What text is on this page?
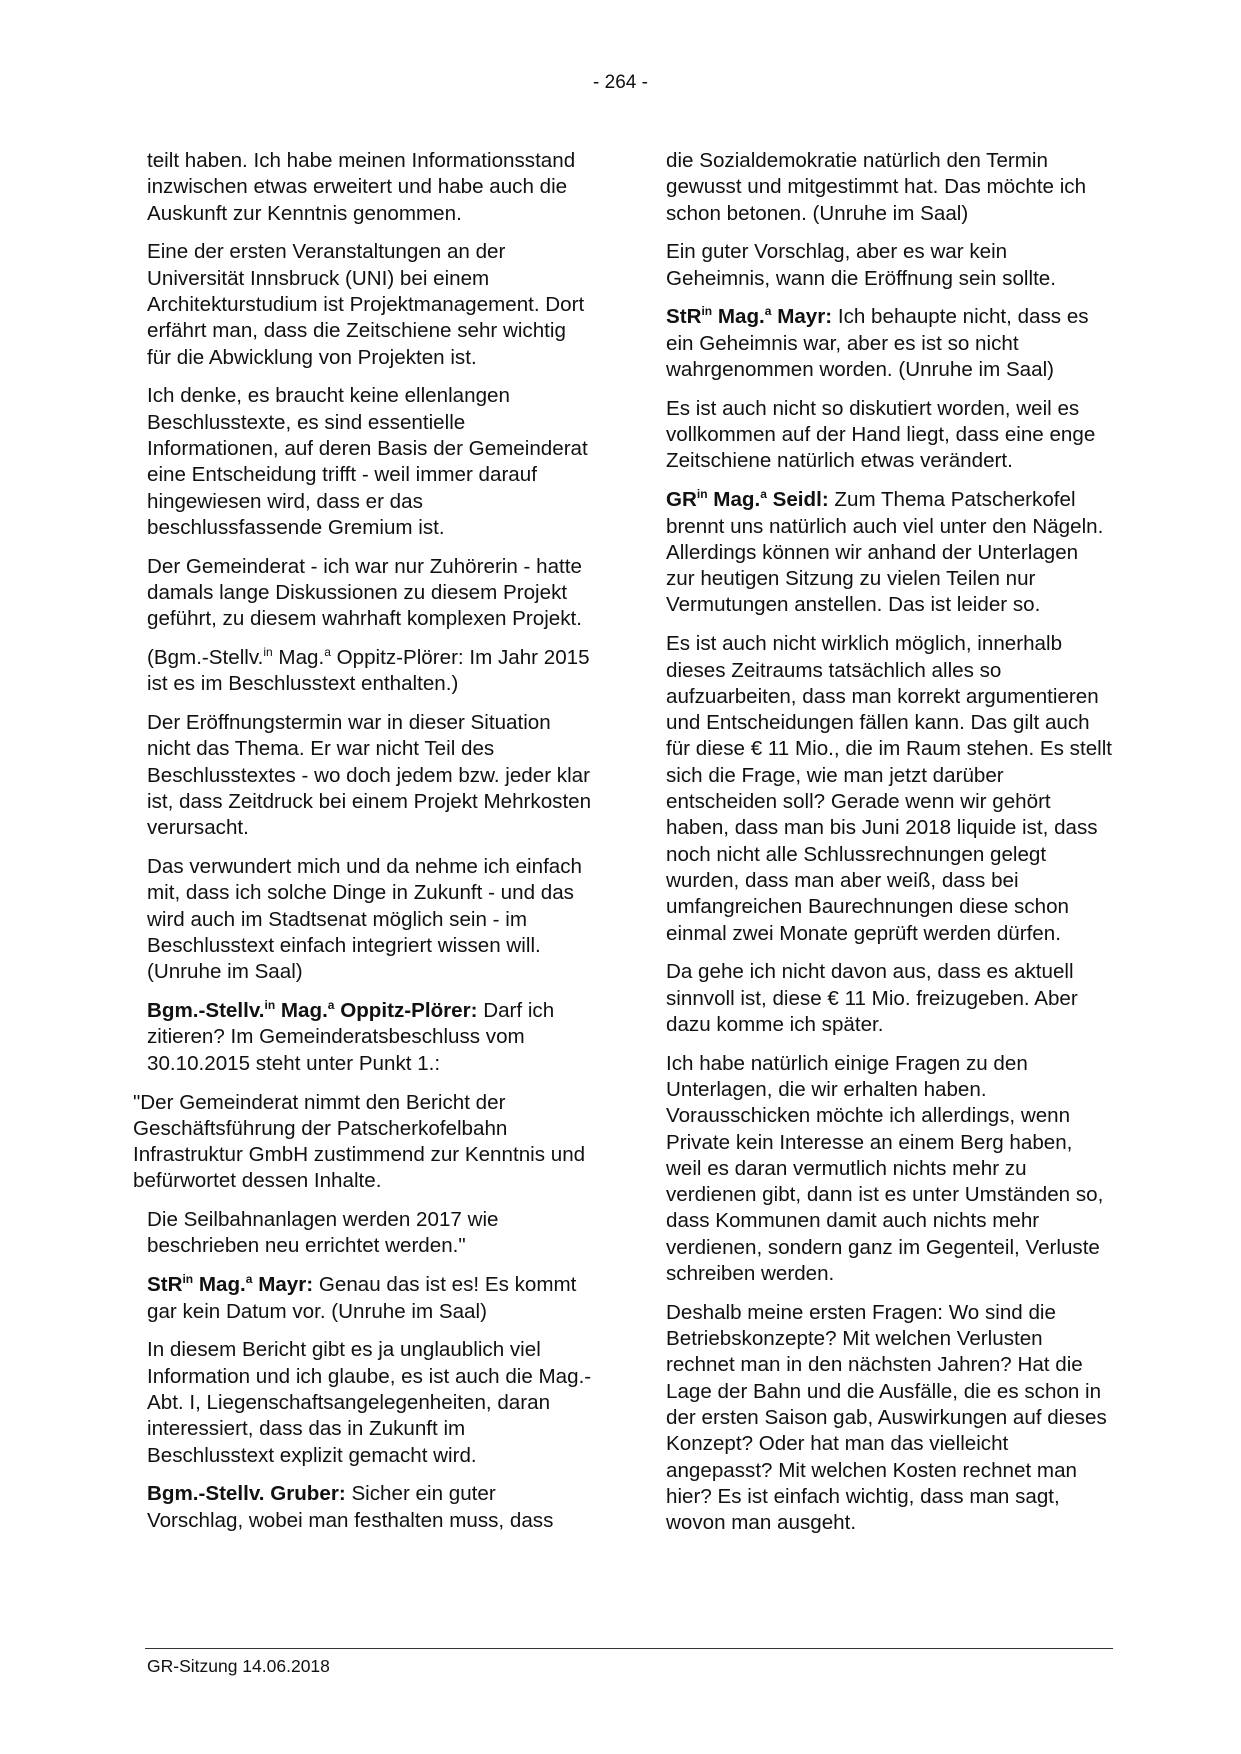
- 264 -

teilt haben. Ich habe meinen Informationsstand inzwischen etwas erweitert und habe auch die Auskunft zur Kenntnis genommen.

Eine der ersten Veranstaltungen an der Universität Innsbruck (UNI) bei einem Architekturstudium ist Projektmanagement. Dort erfährt man, dass die Zeitschiene sehr wichtig für die Abwicklung von Projekten ist.

Ich denke, es braucht keine ellenlangen Beschlusstexte, es sind essentielle Informationen, auf deren Basis der Gemeinderat eine Entscheidung trifft - weil immer darauf hingewiesen wird, dass er das beschlussfassende Gremium ist.

Der Gemeinderat - ich war nur Zuhörerin - hatte damals lange Diskussionen zu diesem Projekt geführt, zu diesem wahrhaft komplexen Projekt.

(Bgm.-Stellv.$^{in}$ Mag.$^a$ Oppitz-Plörer: Im Jahr 2015 ist es im Beschlusstext enthalten.)

Der Eröffnungstermin war in dieser Situation nicht das Thema. Er war nicht Teil des Beschlusstextes - wo doch jedem bzw. jeder klar ist, dass Zeitdruck bei einem Projekt Mehrkosten verursacht.

Das verwundert mich und da nehme ich einfach mit, dass ich solche Dinge in Zukunft - und das wird auch im Stadtsenat möglich sein - im Beschlusstext einfach integriert wissen will. (Unruhe im Saal)

Bgm.-Stellv.$^{in}$ Mag.$^a$ Oppitz-Plörer: Darf ich zitieren? Im Gemeinderatsbeschluss vom 30.10.2015 steht unter Punkt 1.:

"Der Gemeinderat nimmt den Bericht der Geschäftsführung der Patscherkofelbahn Infrastruktur GmbH zustimmend zur Kenntnis und befürwortet dessen Inhalte.

Die Seilbahnanlagen werden 2017 wie beschrieben neu errichtet werden."

StR$^{in}$ Mag.$^a$ Mayr: Genau das ist es! Es kommt gar kein Datum vor. (Unruhe im Saal)

In diesem Bericht gibt es ja unglaublich viel Information und ich glaube, es ist auch die Mag.-Abt. I, Liegenschaftsangelegenheiten, daran interessiert, dass das in Zukunft im Beschlusstext explizit gemacht wird.

Bgm.-Stellv. Gruber: Sicher ein guter Vorschlag, wobei man festhalten muss, dass

die Sozialdemokratie natürlich den Termin gewusst und mitgestimmt hat. Das möchte ich schon betonen. (Unruhe im Saal)

Ein guter Vorschlag, aber es war kein Geheimnis, wann die Eröffnung sein sollte.

StR$^{in}$ Mag.$^a$ Mayr: Ich behaupte nicht, dass es ein Geheimnis war, aber es ist so nicht wahrgenommen worden. (Unruhe im Saal)

Es ist auch nicht so diskutiert worden, weil es vollkommen auf der Hand liegt, dass eine enge Zeitschiene natürlich etwas verändert.

$GR^{in}$ Mag.$^a$ Seidl: Zum Thema Patscherkofel brennt uns natürlich auch viel unter den Nägeln. Allerdings können wir anhand der Unterlagen zur heutigen Sitzung zu vielen Teilen nur Vermutungen anstellen. Das ist leider so.

Es ist auch nicht wirklich möglich, innerhalb dieses Zeitraums tatsächlich alles so aufzuarbeiten, dass man korrekt argumentieren und Entscheidungen fällen kann. Das gilt auch für diese € 11 Mio., die im Raum stehen. Es stellt sich die Frage, wie man jetzt darüber entscheiden soll? Gerade wenn wir gehört haben, dass man bis Juni 2018 liquide ist, dass noch nicht alle Schlussrechnungen gelegt wurden, dass man aber weiß, dass bei umfangreichen Baurechnungen diese schon einmal zwei Monate geprüft werden dürfen.

Da gehe ich nicht davon aus, dass es aktuell sinnvoll ist, diese € 11 Mio. freizugeben. Aber dazu komme ich später.

Ich habe natürlich einige Fragen zu den Unterlagen, die wir erhalten haben. Vorausschicken möchte ich allerdings, wenn Private kein Interesse an einem Berg haben, weil es daran vermutlich nichts mehr zu verdienen gibt, dann ist es unter Umständen so, dass Kommunen damit auch nichts mehr verdienen, sondern ganz im Gegenteil, Verluste schreiben werden.

Deshalb meine ersten Fragen: Wo sind die Betriebskonzepte? Mit welchen Verlusten rechnet man in den nächsten Jahren? Hat die Lage der Bahn und die Ausfälle, die es schon in der ersten Saison gab, Auswirkungen auf dieses Konzept? Oder hat man das vielleicht angepasst? Mit welchen Kosten rechnet man hier? Es ist einfach wichtig, dass man sagt, wovon man ausgeht.

GR-Sitzung 14.06.2018
